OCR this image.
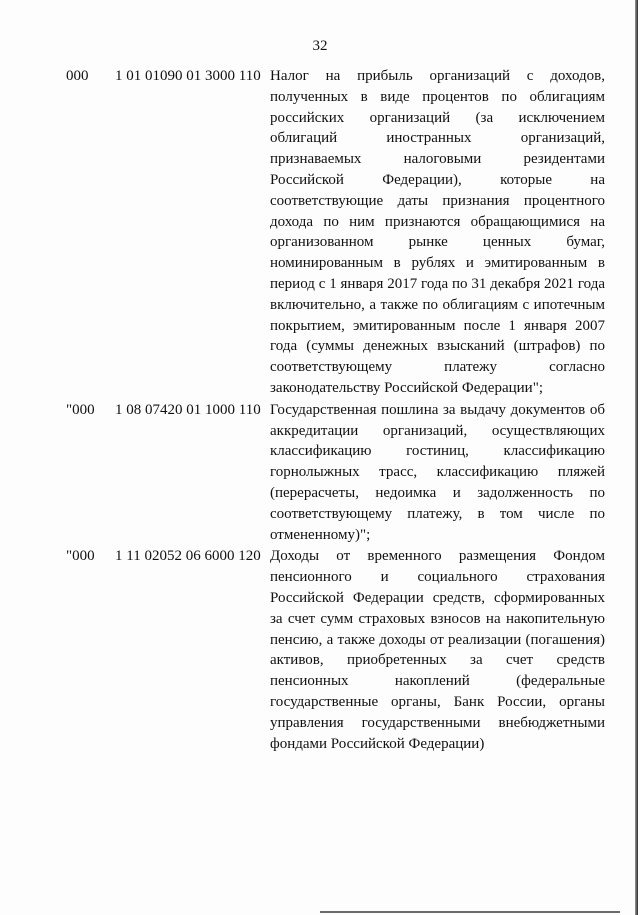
32
000 1 01 01090 01 3000 110 Налог на прибыль организаций с доходов, полученных в виде процентов по облигациям российских организаций (за исключением облигаций иностранных организаций, признаваемых налоговыми резидентами Российской Федерации), которые на соответствующие даты признания процентного дохода по ним признаются обращающимися на организованном рынке ценных бумаг, номинированным в рублях и эмитированным в период с 1 января 2017 года по 31 декабря 2021 года включительно, а также по облигациям с ипотечным покрытием, эмитированным после 1 января 2007 года (суммы денежных взысканий (штрафов) по соответствующему платежу согласно законодательству Российской Федерации";
"000 1 08 07420 01 1000 110 Государственная пошлина за выдачу документов об аккредитации организаций, осуществляющих классификацию гостиниц, классификацию горнолыжных трасс, классификацию пляжей (перерасчеты, недоимка и задолженность по соответствующему платежу, в том числе по отмененному)";
"000 1 11 02052 06 6000 120 Доходы от временного размещения Фондом пенсионного и социального страхования Российской Федерации средств, сформированных за счет сумм страховых взносов на накопительную пенсию, а также доходы от реализации (погашения) активов, приобретенных за счет средств пенсионных накоплений (федеральные государственные органы, Банк России, органы управления государственными внебюджетными фондами Российской Федерации)
